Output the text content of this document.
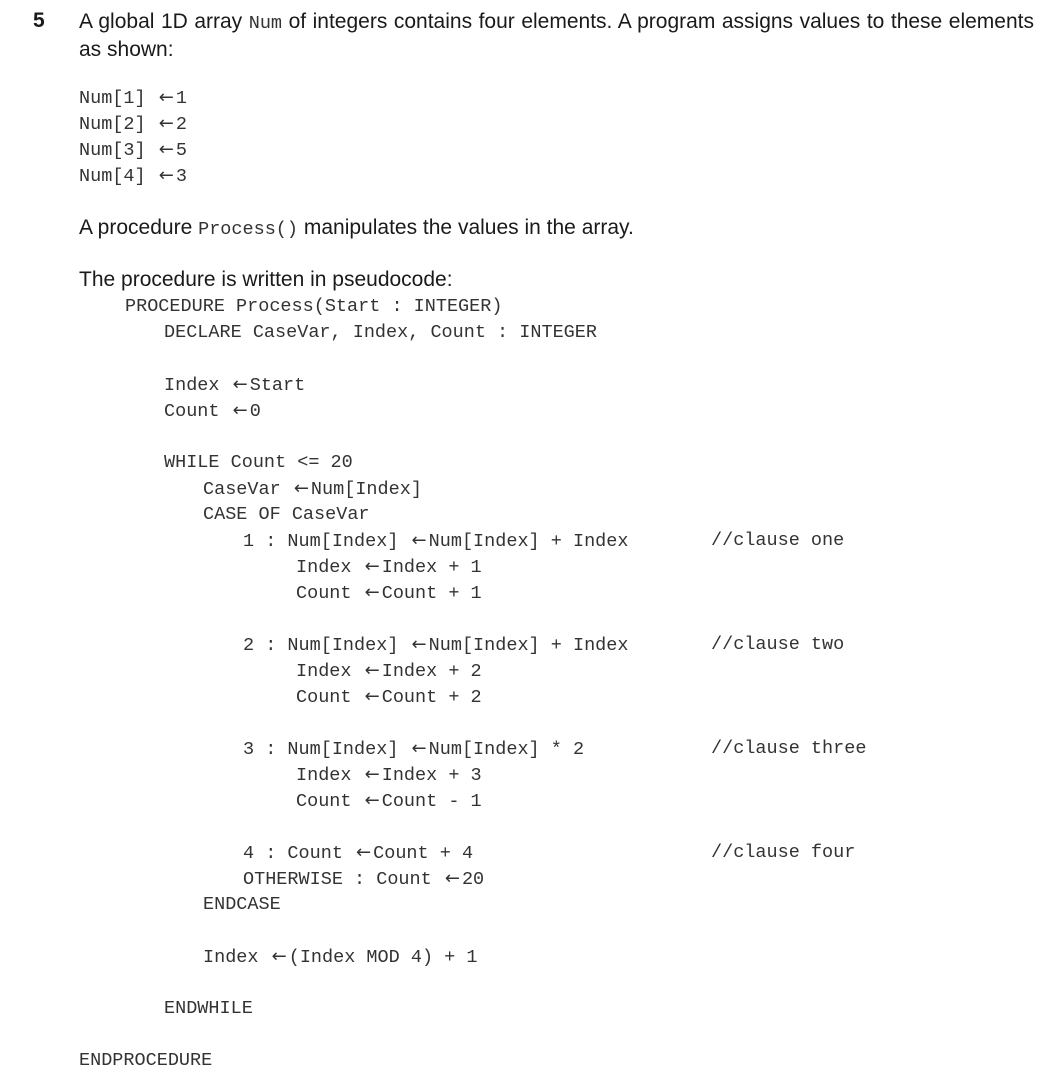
5 A global 1D array Num of integers contains four elements. A program assigns values to these elements as shown:
Num[1] ← 1
Num[2] ← 2
Num[3] ← 5
Num[4] ← 3
A procedure Process() manipulates the values in the array.
The procedure is written in pseudocode:
PROCEDURE Process(Start : INTEGER)
DECLARE CaseVar, Index, Count : INTEGER
Index ← Start
Count ← 0
WHILE Count <= 20
CaseVar ← Num[Index]
CASE OF CaseVar
1 : Num[Index] ← Num[Index] + Index	//clause one
Index ← Index + 1
Count ← Count + 1
2 : Num[Index] ← Num[Index] + Index	//clause two
Index ← Index + 2
Count ← Count + 2
3 : Num[Index] ← Num[Index] * 2	//clause three
Index ← Index + 3
Count ← Count - 1
4 : Count ← Count + 4	//clause four
OTHERWISE : Count ← 20
ENDCASE
Index ← (Index MOD 4) + 1
ENDWHILE
ENDPROCEDURE
